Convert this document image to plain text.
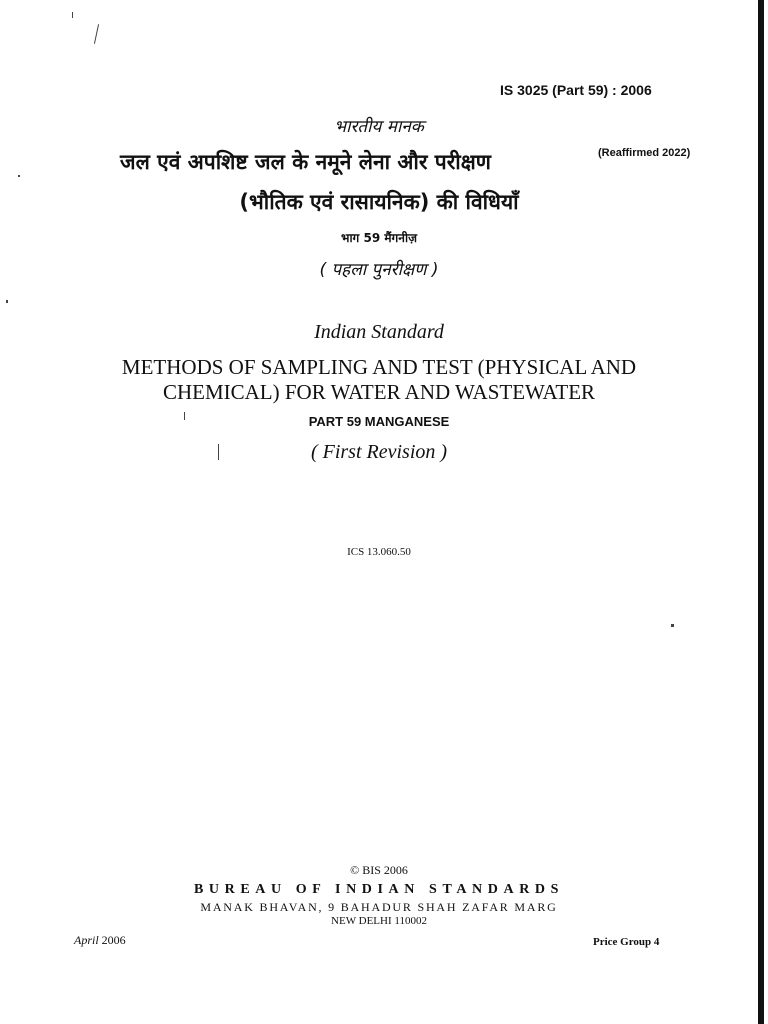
IS 3025 (Part 59) : 2006
भारतीय मानक
जल एवं अपशिष्ट जल के नमूने लेना और परीक्षण	(Reaffirmed 2022)
(भौतिक एवं रासायनिक) की विधियाँ
भाग 59 मैंगनीज़
( पहला पुनरीक्षण )
Indian Standard
METHODS OF SAMPLING AND TEST (PHYSICAL AND
CHEMICAL) FOR WATER AND WASTEWATER
PART 59 MANGANESE
( First Revision )
ICS 13.060.50
© BIS 2006
BUREAU OF INDIAN STANDARDS
MANAK BHAVAN, 9 BAHADUR SHAH ZAFAR MARG
NEW DELHI 110002
April 2006	Price Group 4
